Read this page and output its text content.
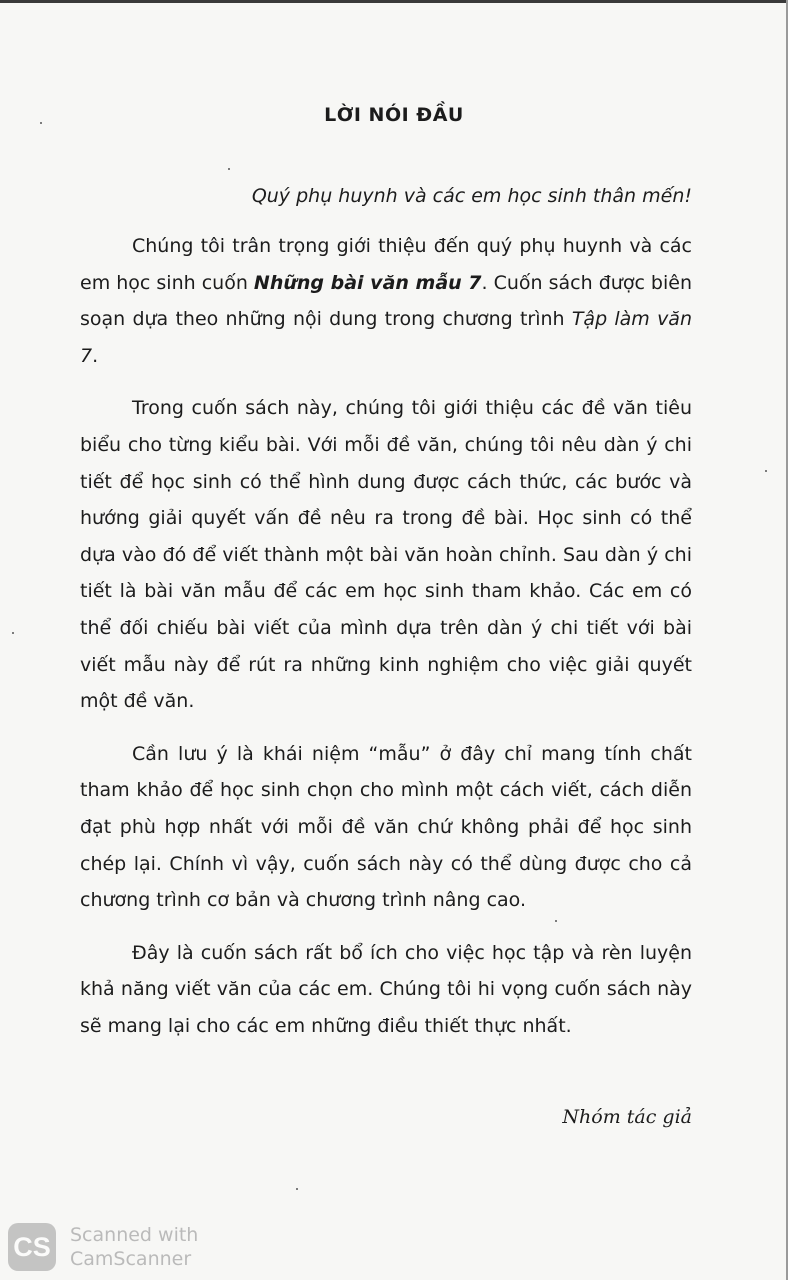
LỜI NÓI ĐẦU
Quý phụ huynh và các em học sinh thân mến!

Chúng tôi trân trọng giới thiệu đến quý phụ huynh và các em học sinh cuốn Những bài văn mẫu 7. Cuốn sách được biên soạn dựa theo những nội dung trong chương trình Tập làm văn 7.

Trong cuốn sách này, chúng tôi giới thiệu các đề văn tiêu biểu cho từng kiểu bài. Với mỗi đề văn, chúng tôi nêu dàn ý chi tiết để học sinh có thể hình dung được cách thức, các bước và hướng giải quyết vấn đề nêu ra trong đề bài. Học sinh có thể dựa vào đó để viết thành một bài văn hoàn chỉnh. Sau dàn ý chi tiết là bài văn mẫu để các em học sinh tham khảo. Các em có thể đối chiếu bài viết của mình dựa trên dàn ý chi tiết với bài viết mẫu này để rút ra những kinh nghiệm cho việc giải quyết một đề văn.

Cần lưu ý là khái niệm “mẫu” ở đây chỉ mang tính chất tham khảo để học sinh chọn cho mình một cách viết, cách diễn đạt phù hợp nhất với mỗi đề văn chứ không phải để học sinh chép lại. Chính vì vậy, cuốn sách này có thể dùng được cho cả chương trình cơ bản và chương trình nâng cao.

Đây là cuốn sách rất bổ ích cho việc học tập và rèn luyện khả năng viết văn của các em. Chúng tôi hi vọng cuốn sách này sẽ mang lại cho các em những điều thiết thực nhất.

Nhóm tác giả
CS Scanned with
CamScanner
